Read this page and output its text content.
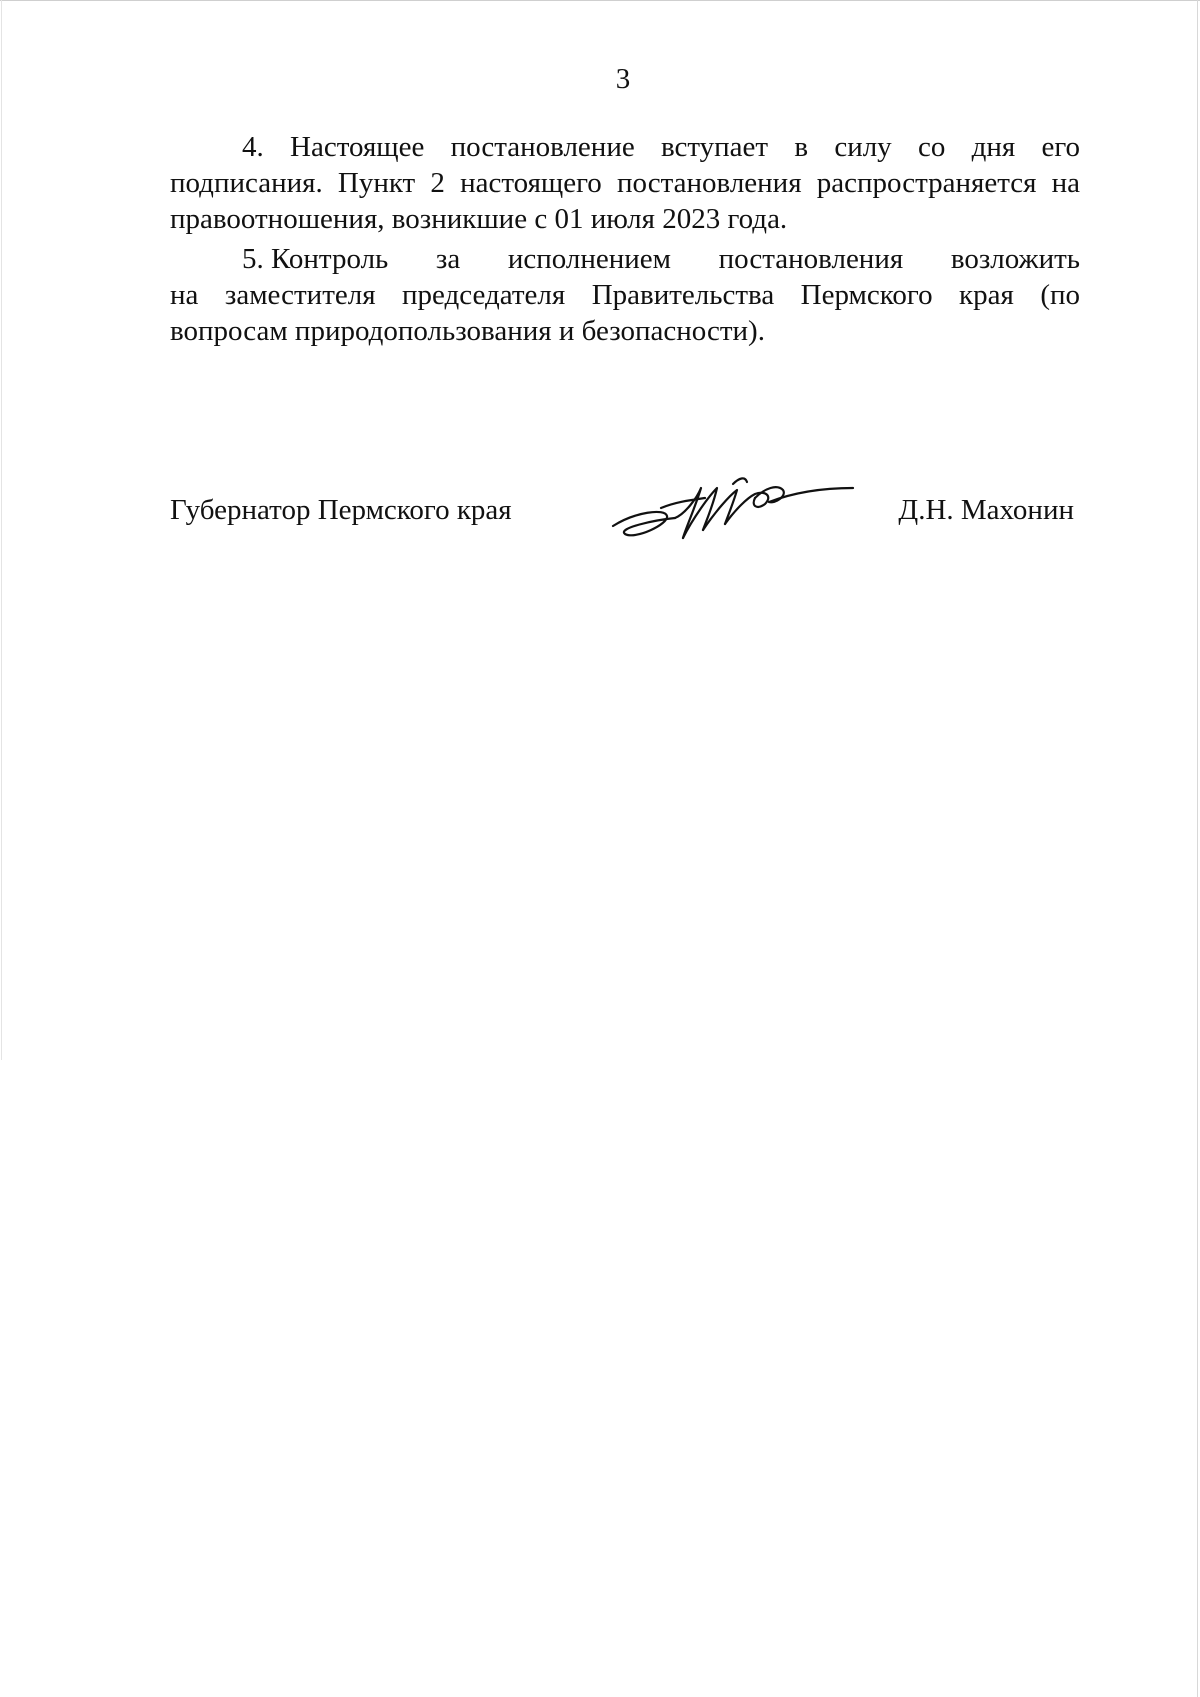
3

4. Настоящее постановление вступает в силу со дня его подписания. Пункт 2 настоящего постановления распространяется на правоотношения, возникшие с 01 июля 2023 года.

5. Контроль за исполнением постановления возложить
на заместителя председателя Правительства Пермского края (по вопросам природопользования и безопасности).
Губернатор Пермского края	Д.Н. Махонин
